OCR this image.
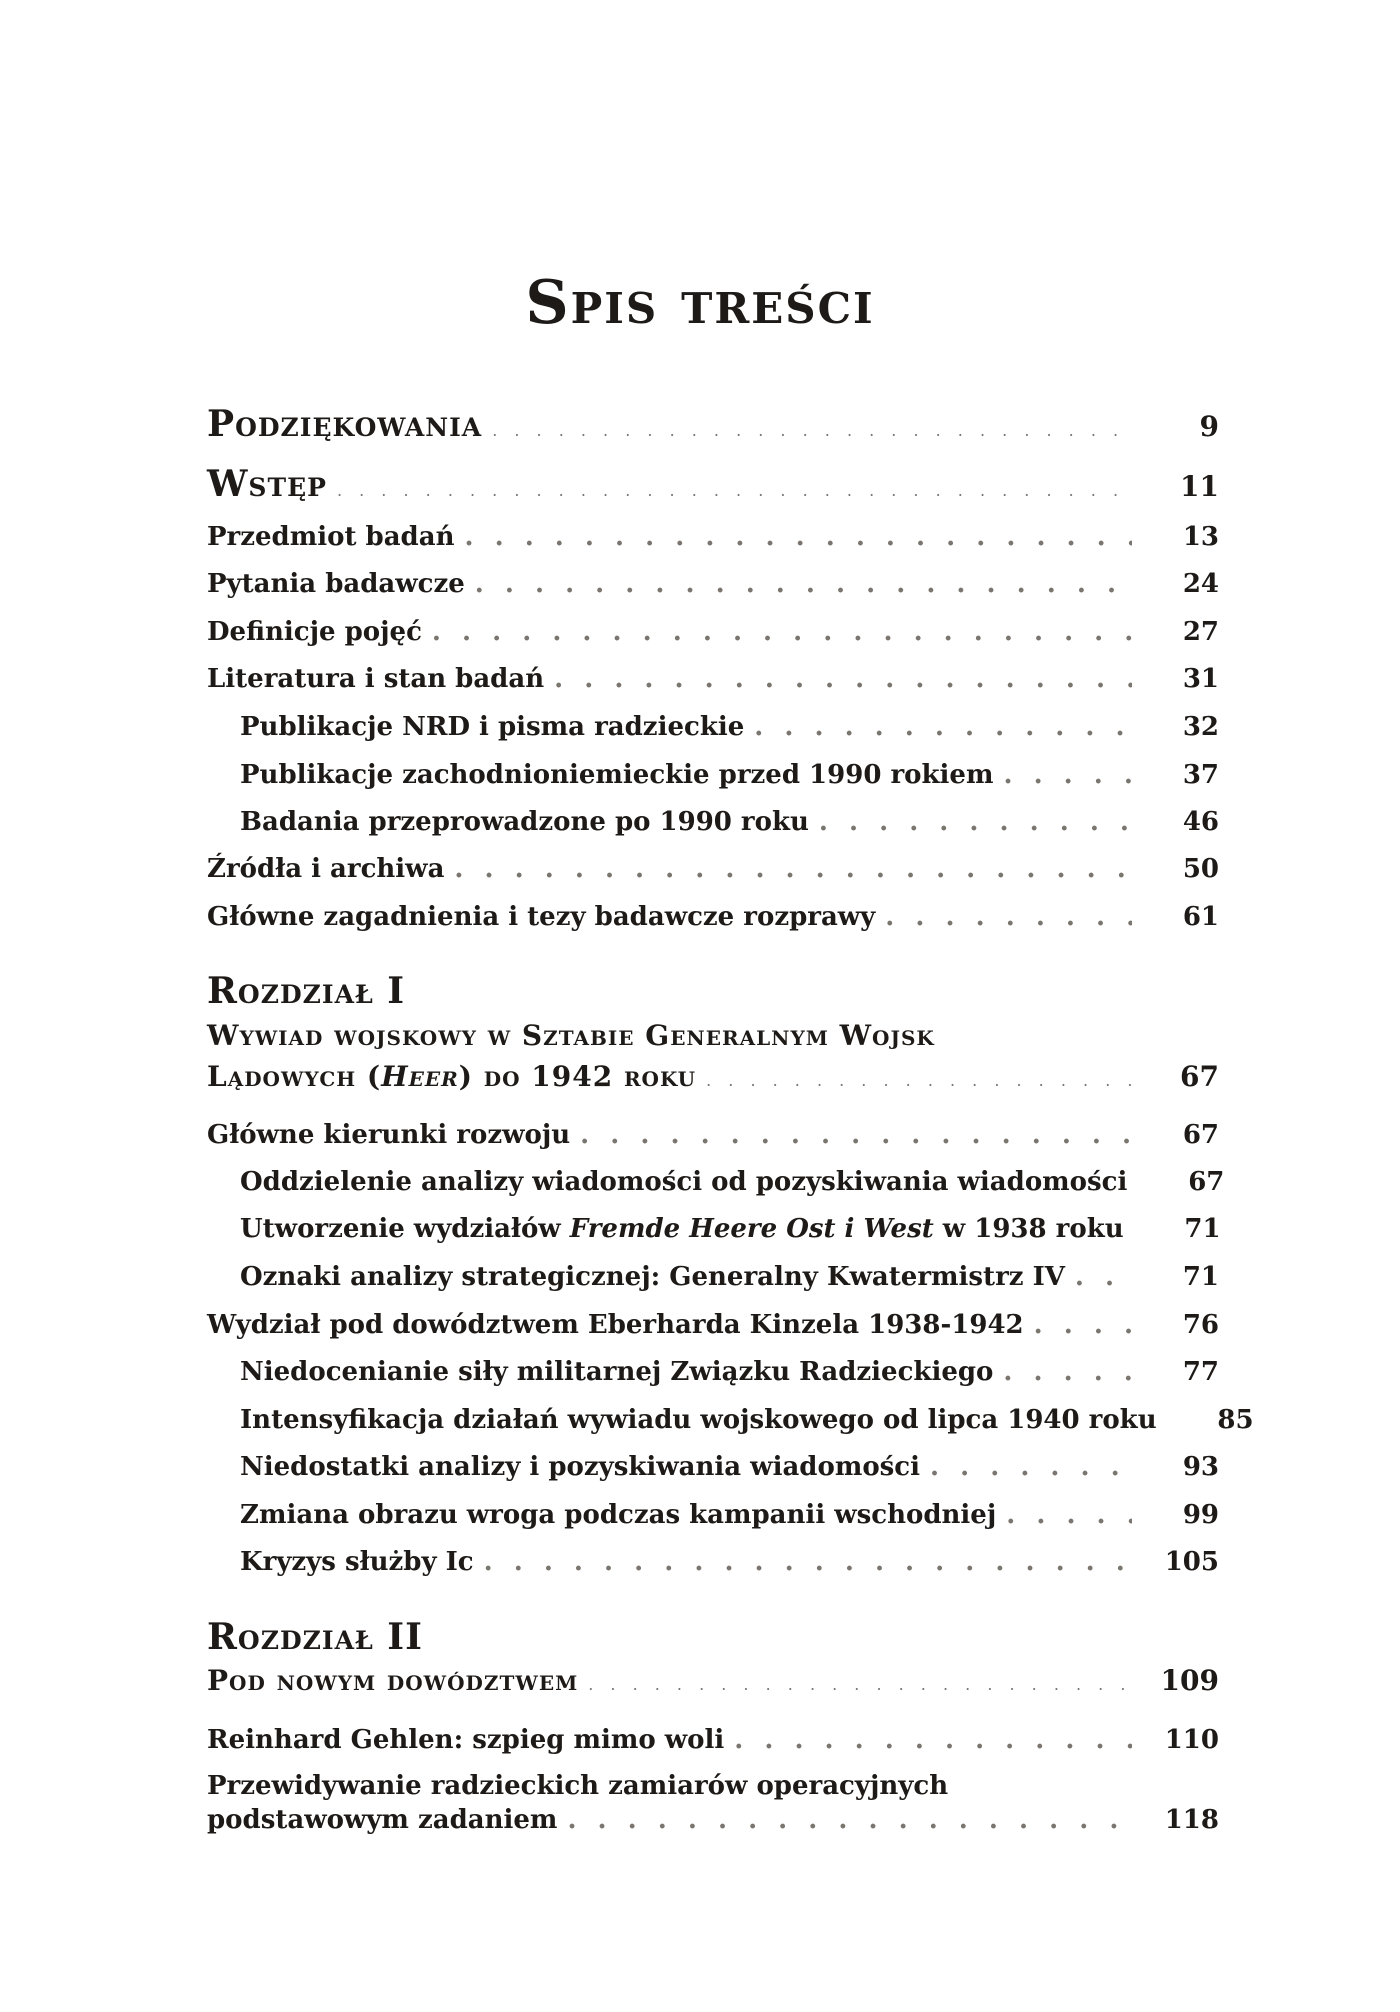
Spis treści
Podziękowania . . .	9
Wstęp . . .	11
Przedmiot badań . . .	13
Pytania badawcze . . .	24
Definicje pojęć . . .	27
Literatura i stan badań . . .	31
Publikacje NRD i pisma radzieckie . . .	32
Publikacje zachodnioniemieckie przed 1990 rokiem . . .	37
Badania przeprowadzone po 1990 roku . . .	46
Źródła i archiwa . . .	50
Główne zagadnienia i tezy badawcze rozprawy . . .	61
Rozdział I
Wywiad wojskowy w Sztabie Generalnym Wojsk
Lądowych (Heer) do 1942 roku . . .	67
Główne kierunki rozwoju . . .	67
Oddzielenie analizy wiadomości od pozyskiwania wiadomości	67
Utworzenie wydziałów Fremde Heere Ost i West w 1938 roku	71
Oznaki analizy strategicznej: Generalny Kwatermistrz IV . . .	71
Wydział pod dowództwem Eberharda Kinzela 1938-1942 . . .	76
Niedocenianie siły militarnej Związku Radzieckiego . . .	77
Intensyfikacja działań wywiadu wojskowego od lipca 1940 roku	85
Niedostatki analizy i pozyskiwania wiadomości . . .	93
Zmiana obrazu wroga podczas kampanii wschodniej . . .	99
Kryzys służby Ic . . .	105
Rozdział II
Pod nowym dowództwem . . .	109
Reinhard Gehlen: szpieg mimo woli . . .	110
Przewidywanie radzieckich zamiarów operacyjnych
podstawowym zadaniem . . .	118
